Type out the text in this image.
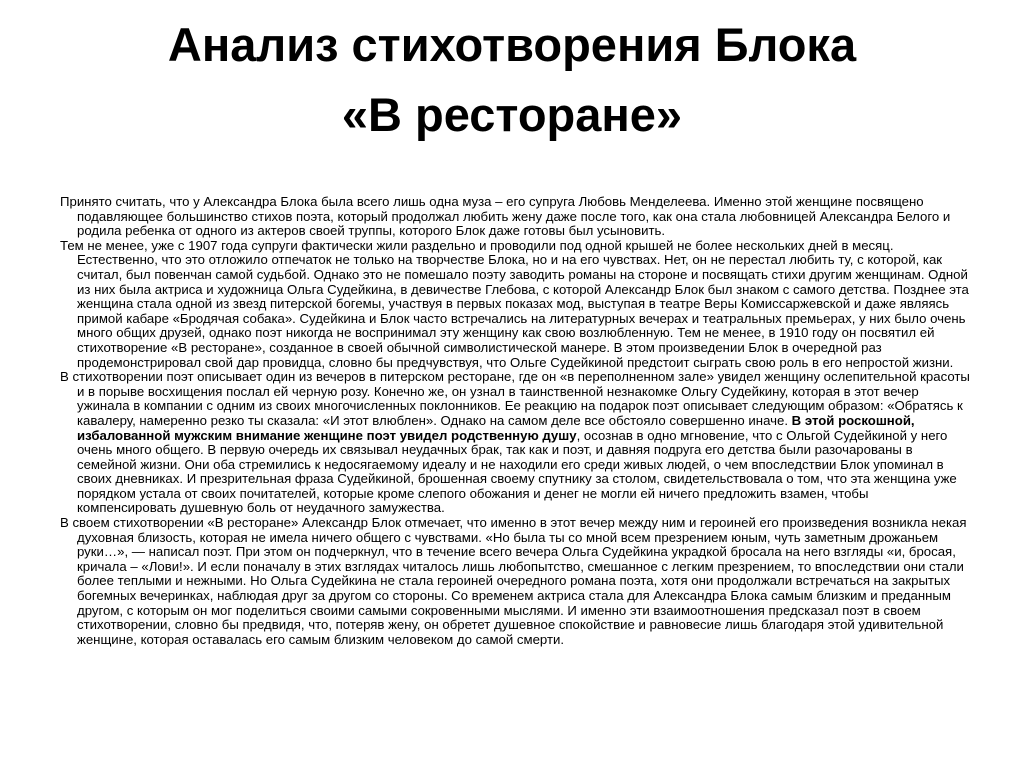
Анализ стихотворения Блока
«В ресторане»

Принято считать, что у Александра Блока была всего лишь одна муза – его супруга Любовь Менделеева. Именно этой женщине посвящено подавляющее большинство стихов поэта, который продолжал любить жену даже после того, как она стала любовницей Александра Белого и родила ребенка от одного из актеров своей труппы, которого Блок даже готовы был усыновить.

Тем не менее, уже с 1907 года супруги фактически жили раздельно и проводили под одной крышей не более нескольких дней в месяц. Естественно, что это отложило отпечаток не только на творчестве Блока, но и на его чувствах. Нет, он не перестал любить ту, с которой, как считал, был повенчан самой судьбой. Однако это не помешало поэту заводить романы на стороне и посвящать стихи другим женщинам. Одной из них была актриса и художница Ольга Судейкина, в девичестве Глебова, с которой Александр Блок был знаком с самого детства. Позднее эта женщина стала одной из звезд питерской богемы, участвуя в первых показах мод, выступая в театре Веры Комиссаржевской и даже являясь примой кабаре «Бродячая собака». Судейкина и Блок часто встречались на литературных вечерах и театральных премьерах, у них было очень много общих друзей, однако поэт никогда не воспринимал эту женщину как свою возлюбленную. Тем не менее, в 1910 году он посвятил ей стихотворение «В ресторане», созданное в своей обычной символистической манере. В этом произведении Блок в очередной раз продемонстрировал свой дар провидца, словно бы предчувствуя, что Ольге Судейкиной предстоит сыграть свою роль в его непростой жизни.

В стихотворении поэт описывает один из вечеров в питерском ресторане, где он «в переполненном зале» увидел женщину ослепительной красоты и в порыве восхищения послал ей черную розу. Конечно же, он узнал в таинственной незнакомке Ольгу Судейкину, которая в этот вечер ужинала в компании с одним из своих многочисленных поклонников. Ее реакцию на подарок поэт описывает следующим образом: «Обратясь к кавалеру, намеренно резко ты сказала: «И этот влюблен». Однако на самом деле все обстояло совершенно иначе. В этой роскошной, избалованной мужским внимание женщине поэт увидел родственную душу, осознав в одно мгновение, что с Ольгой Судейкиной у него очень много общего. В первую очередь их связывал неудачных брак, так как и поэт, и давняя подруга его детства были разочарованы в семейной жизни. Они оба стремились к недосягаемому идеалу и не находили его среди живых людей, о чем впоследствии Блок упоминал в своих дневниках. И презрительная фраза Судейкиной, брошенная своему спутнику за столом, свидетельствовала о том, что эта женщина уже порядком устала от своих почитателей, которые кроме слепого обожания и денег не могли ей ничего предложить взамен, чтобы компенсировать душевную боль от неудачного замужества.

В своем стихотворении «В ресторане» Александр Блок отмечает, что именно в этот вечер между ним и героиней его произведения возникла некая духовная близость, которая не имела ничего общего с чувствами. «Но была ты со мной всем презрением юным, чуть заметным дрожаньем руки…», — написал поэт. При этом он подчеркнул, что в течение всего вечера Ольга Судейкина украдкой бросала на него взгляды «и, бросая, кричала – «Лови!». И если поначалу в этих взглядах читалось лишь любопытство, смешанное с легким презрением, то впоследствии они стали более теплыми и нежными. Но Ольга Судейкина не стала героиней очередного романа поэта, хотя они продолжали встречаться на закрытых богемных вечеринках, наблюдая друг за другом со стороны. Со временем актриса стала для Александра Блока самым близким и преданным другом, с которым он мог поделиться своими самыми сокровенными мыслями. И именно эти взаимоотношения предсказал поэт в своем стихотворении, словно бы предвидя, что, потеряв жену, он обретет душевное спокойствие и равновесие лишь благодаря этой удивительной женщине, которая оставалась его самым близким человеком до самой смерти.
